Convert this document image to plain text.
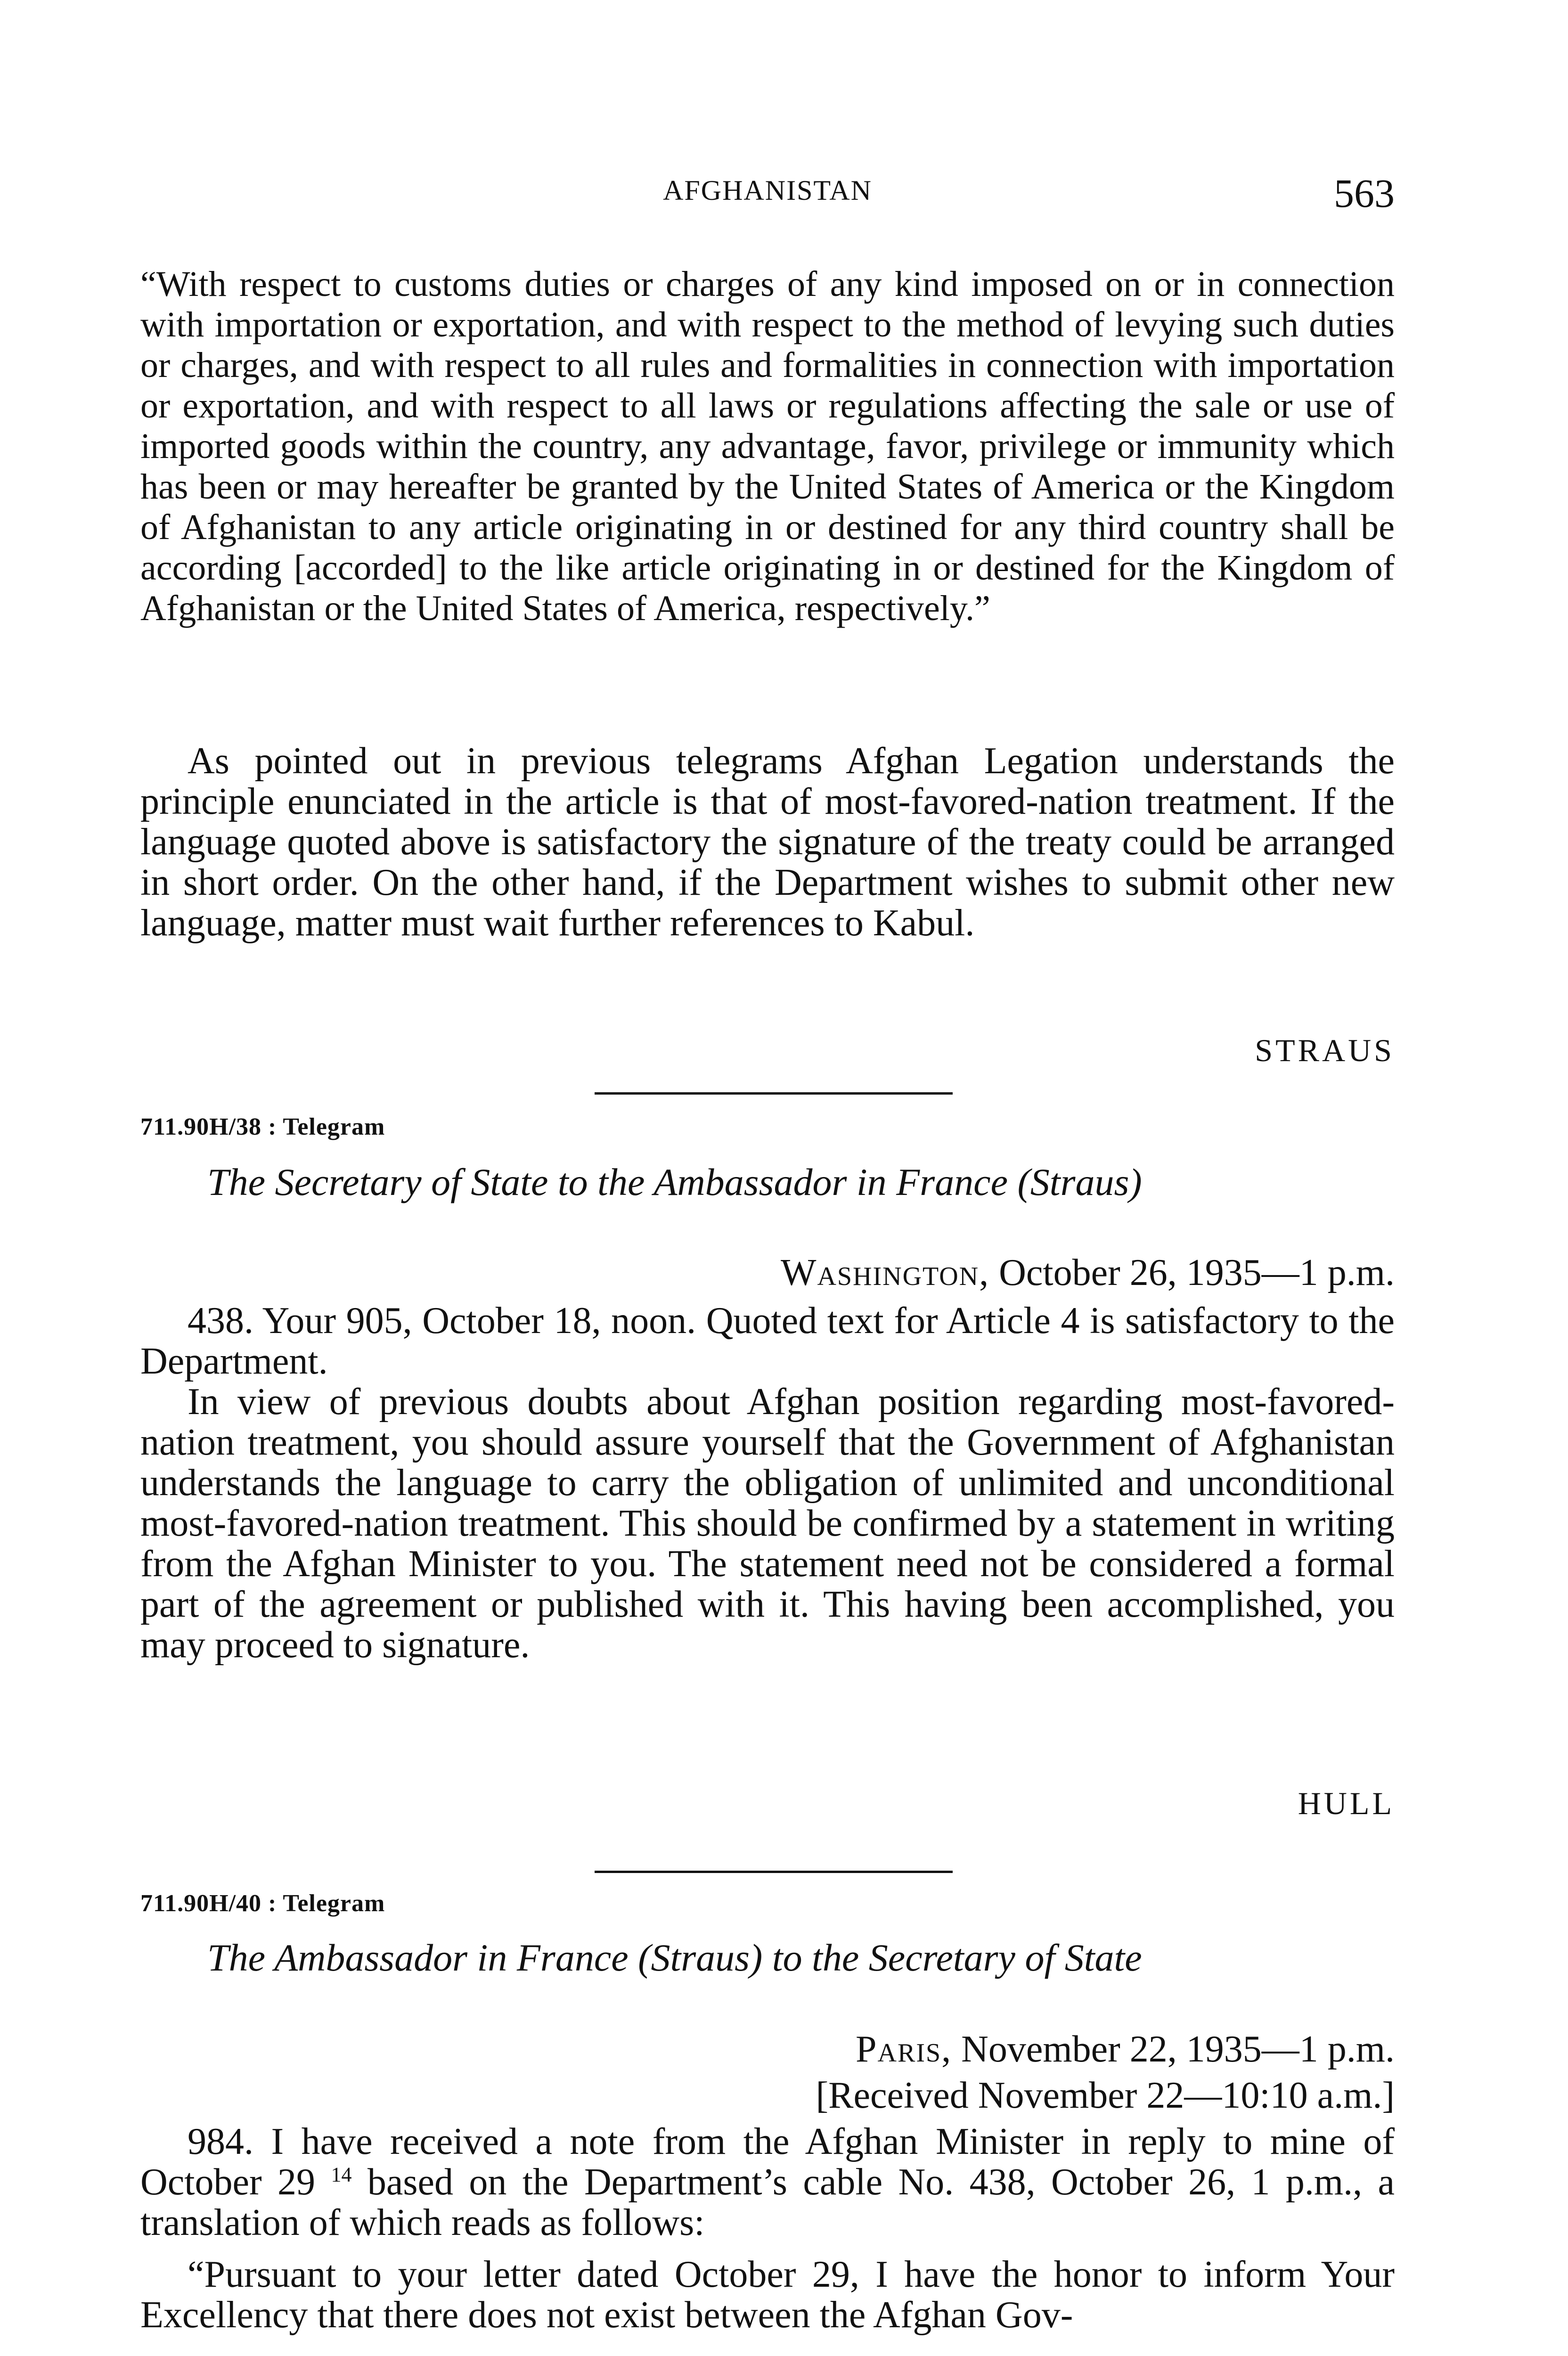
AFGHANISTAN	563

“With respect to customs duties or charges of any kind imposed on or in connection with importation or exportation, and with respect to the method of levying such duties or charges, and with respect to all rules and formalities in connection with importation or exportation, and with respect to all laws or regulations affecting the sale or use of imported goods within the country, any advantage, favor, privilege or immunity which has been or may hereafter be granted by the United States of America or the Kingdom of Afghanistan to any article originating in or destined for any third country shall be according [accorded] to the like article originating in or destined for the Kingdom of Afghanistan or the United States of America, respectively.”

As pointed out in previous telegrams Afghan Legation understands the principle enunciated in the article is that of most-favored-nation treatment. If the language quoted above is satisfactory the signature of the treaty could be arranged in short order. On the other hand, if the Department wishes to submit other new language, matter must wait further references to Kabul.

STRAUS
711.90H/38 : Telegram
The Secretary of State to the Ambassador in France (Straus)
Washington, October 26, 1935—1 p.m.

438. Your 905, October 18, noon. Quoted text for Article 4 is satisfactory to the Department.

In view of previous doubts about Afghan position regarding most-favored-nation treatment, you should assure yourself that the Government of Afghanistan understands the language to carry the obligation of unlimited and unconditional most-favored-nation treatment. This should be confirmed by a statement in writing from the Afghan Minister to you. The statement need not be considered a formal part of the agreement or published with it. This having been accomplished, you may proceed to signature.

HULL
711.90H/40 : Telegram
The Ambassador in France (Straus) to the Secretary of State
Paris, November 22, 1935—1 p.m.
[Received November 22—10:10 a.m.]

984. I have received a note from the Afghan Minister in reply to mine of October 29 $^{14}$ based on the Department’s cable No. 438, October 26, 1 p.m., a translation of which reads as follows:

“Pursuant to your letter dated October 29, I have the honor to inform Your Excellency that there does not exist between the Afghan Gov-
